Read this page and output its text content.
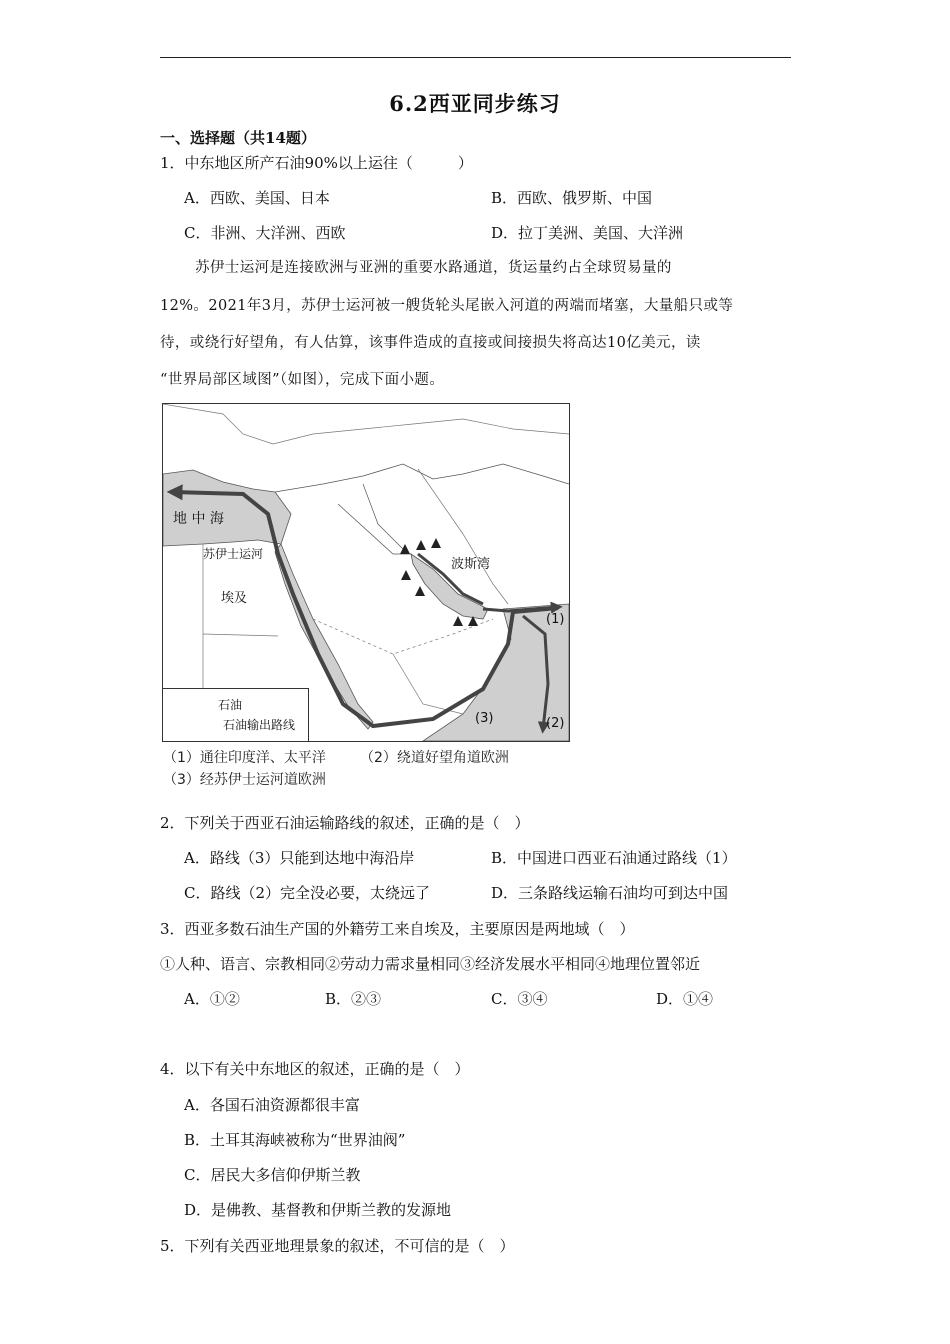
6.2西亚同步练习
一、选择题（共14题）
1．中东地区所产石油90%以上运往（　　　）
A．西欧、美国、日本	B．西欧、俄罗斯、中国
C．非洲、大洋洲、西欧	D．拉丁美洲、美国、大洋洲
苏伊士运河是连接欧洲与亚洲的重要水路通道，货运量约占全球贸易量的
12%。2021年3月，苏伊士运河被一艘货轮头尾嵌入河道的两端而堵塞，大量船只或等
待，或绕行好望角，有人估算，该事件造成的直接或间接损失将高达10亿美元，读
“世界局部区域图”（如图），完成下面小题。
地 中 海
苏伊士运河
埃及
波斯湾
(1)
(2)
(3)
石油
石油输出路线
（1）通往印度洋、太平洋 （2）绕道好望角道欧洲
（3）经苏伊士运河道欧洲
2．下列关于西亚石油运输路线的叙述，正确的是（　）
A．路线（3）只能到达地中海沿岸	B．中国进口西亚石油通过路线（1）
C．路线（2）完全没必要，太绕远了	D．三条路线运输石油均可到达中国
3．西亚多数石油生产国的外籍劳工来自埃及，主要原因是两地域（　）
①人种、语言、宗教相同②劳动力需求量相同③经济发展水平相同④地理位置邻近
A．①②	B．②③	C．③④	D．①④
4．以下有关中东地区的叙述，正确的是（　）
A．各国石油资源都很丰富
B．土耳其海峡被称为“世界油阀”
C．居民大多信仰伊斯兰教
D．是佛教、基督教和伊斯兰教的发源地
5．下列有关西亚地理景象的叙述，不可信的是（　）
